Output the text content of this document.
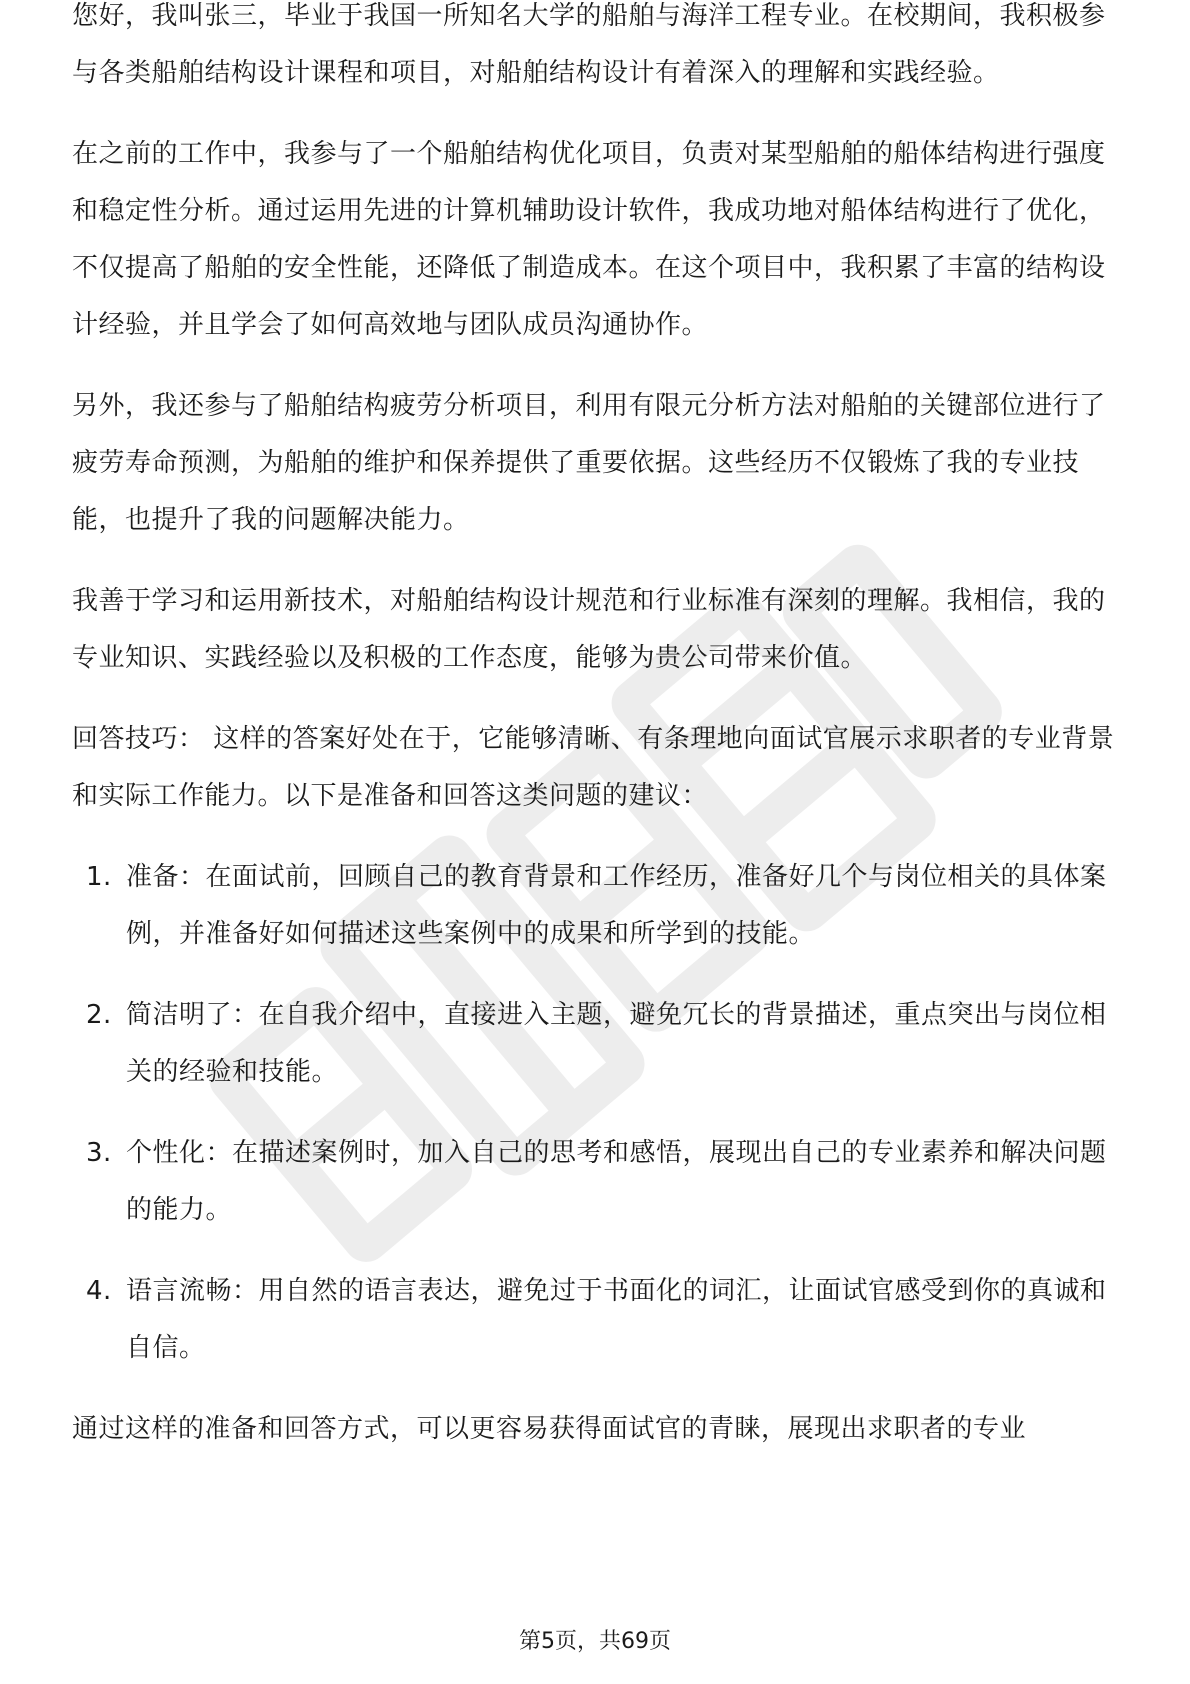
您好，我叫张三，毕业于我国一所知名大学的船舶与海洋工程专业。在校期间，我积极参与各类船舶结构设计课程和项目，对船舶结构设计有着深入的理解和实践经验。

在之前的工作中，我参与了一个船舶结构优化项目，负责对某型船舶的船体结构进行强度和稳定性分析。通过运用先进的计算机辅助设计软件，我成功地对船体结构进行了优化，不仅提高了船舶的安全性能，还降低了制造成本。在这个项目中，我积累了丰富的结构设计经验，并且学会了如何高效地与团队成员沟通协作。

另外，我还参与了船舶结构疲劳分析项目，利用有限元分析方法对船舶的关键部位进行了疲劳寿命预测，为船舶的维护和保养提供了重要依据。这些经历不仅锻炼了我的专业技能，也提升了我的问题解决能力。

我善于学习和运用新技术，对船舶结构设计规范和行业标准有深刻的理解。我相信，我的专业知识、实践经验以及积极的工作态度，能够为贵公司带来价值。

回答技巧： 这样的答案好处在于，它能够清晰、有条理地向面试官展示求职者的专业背景和实际工作能力。以下是准备和回答这类问题的建议：

1. 准备：在面试前，回顾自己的教育背景和工作经历，准备好几个与岗位相关的具体案例，并准备好如何描述这些案例中的成果和所学到的技能。
2. 简洁明了：在自我介绍中，直接进入主题，避免冗长的背景描述，重点突出与岗位相关的经验和技能。
3. 个性化：在描述案例时，加入自己的思考和感悟，展现出自己的专业素养和解决问题的能力。
4. 语言流畅：用自然的语言表达，避免过于书面化的词汇，让面试官感受到你的真诚和自信。

通过这样的准备和回答方式，可以更容易获得面试官的青睐，展现出求职者的专业

第5页，共69页
